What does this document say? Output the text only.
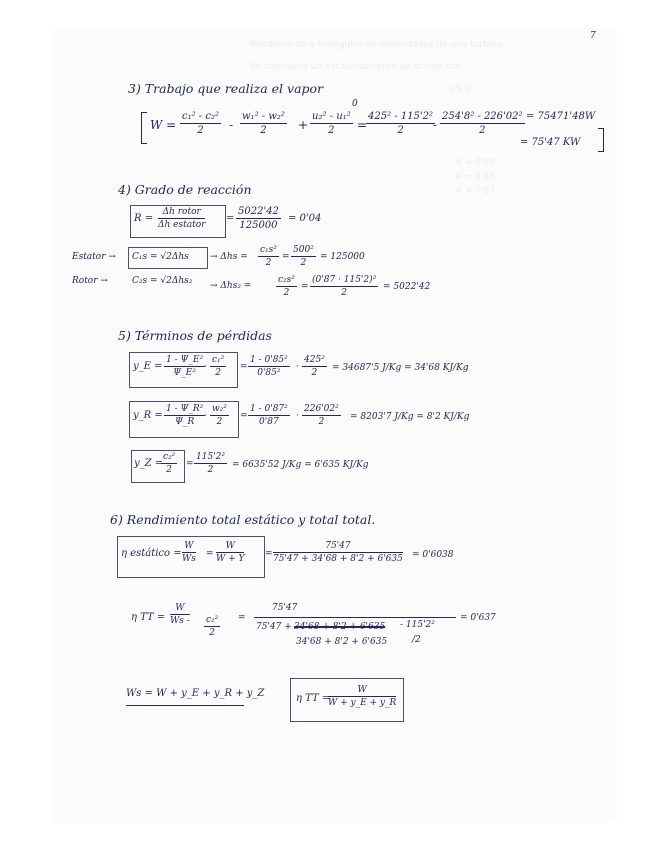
Rendimiento y triángulos de velocidades de una turbina
Se considera un escalonamiento de acción con
25 0
Ψ = 0'87
Ψ = 0'85
Ψ = 0'87
7
3) Trabajo que realiza el vapor
$W = \frac{\text{c₁² - c₂²}}{2} - \frac{\text{w₁² - w₂²}}{2}$ +
0
$\frac{\text{u₂² - u₁²}}{2}$ =
$\frac{\text{425² - 115'2²}}{2}$
- $\frac{\text{254'8² - 226'02²}}{2} = 75471'48W$
= 75'47 KW
4) Grado de reacción
R =
Δh rotor
Δh estator
= $\frac{5022'42}{125000} = 0'04$
Estator → $C_1s = √2\Delta hs \to \Delta hs = \frac{\text{c₁s²}}{2} = \frac{\text{500²}}{2} = 125000$
Rotor →	C₂s = √2Δhs₂ → Δhs₂ =	$\frac{\text{c₂s²}}{2} = \frac{\text{(0'87 · 115'2)²}}{2} = 5022'42$
5) Términos de pérdidas
y_E = $\frac{\text{1 - Ψ\_E²}}{\text{Ψ\_E²}}$
· $\frac{\text{c₁²}}{2} = \frac{\text{1 - 0'85²}}{\text{0'85²}} \cdot \frac{\text{425²}}{2} = 34687'5$ J/Kg = 34'68 KJ/Kg
y_R = $\frac{\text{1 - Ψ\_R²}}{\Psi\_R}$
· $\frac{\text{w₂²}}{2} = \frac{\text{1 - 0'87²}}{0'87} \cdot \frac{\text{226'02²}}{2} = 8203'7$ J/Kg = 8'2 KJ/Kg
y_Z =
$\frac{\text{c₂²}}{2} = \frac{\text{115'2²}}{2} = 6635'52$ J/Kg = 6'635 KJ/Kg
6) Rendimiento total estático y total total.
η estático = $\frac{W}{Ws} = \frac{W}{W + Y} = \frac{75'47}{75'47 + 34'68 + 8'2 + 6'635} = 0'6038$
η TT = $\frac{W}{Ws -}$
$\frac{\text{c₂²}}{2}$ =
75'47
75'47 + 34'68 + 8'2 + 6'635 - 115'2²
34'68 + 8'2 + 6'635	/2
= 0'637
Ws = W + y_E + y_R + y_Z	η TT =
$\frac{W}{W + y\_E + y\_R}$
